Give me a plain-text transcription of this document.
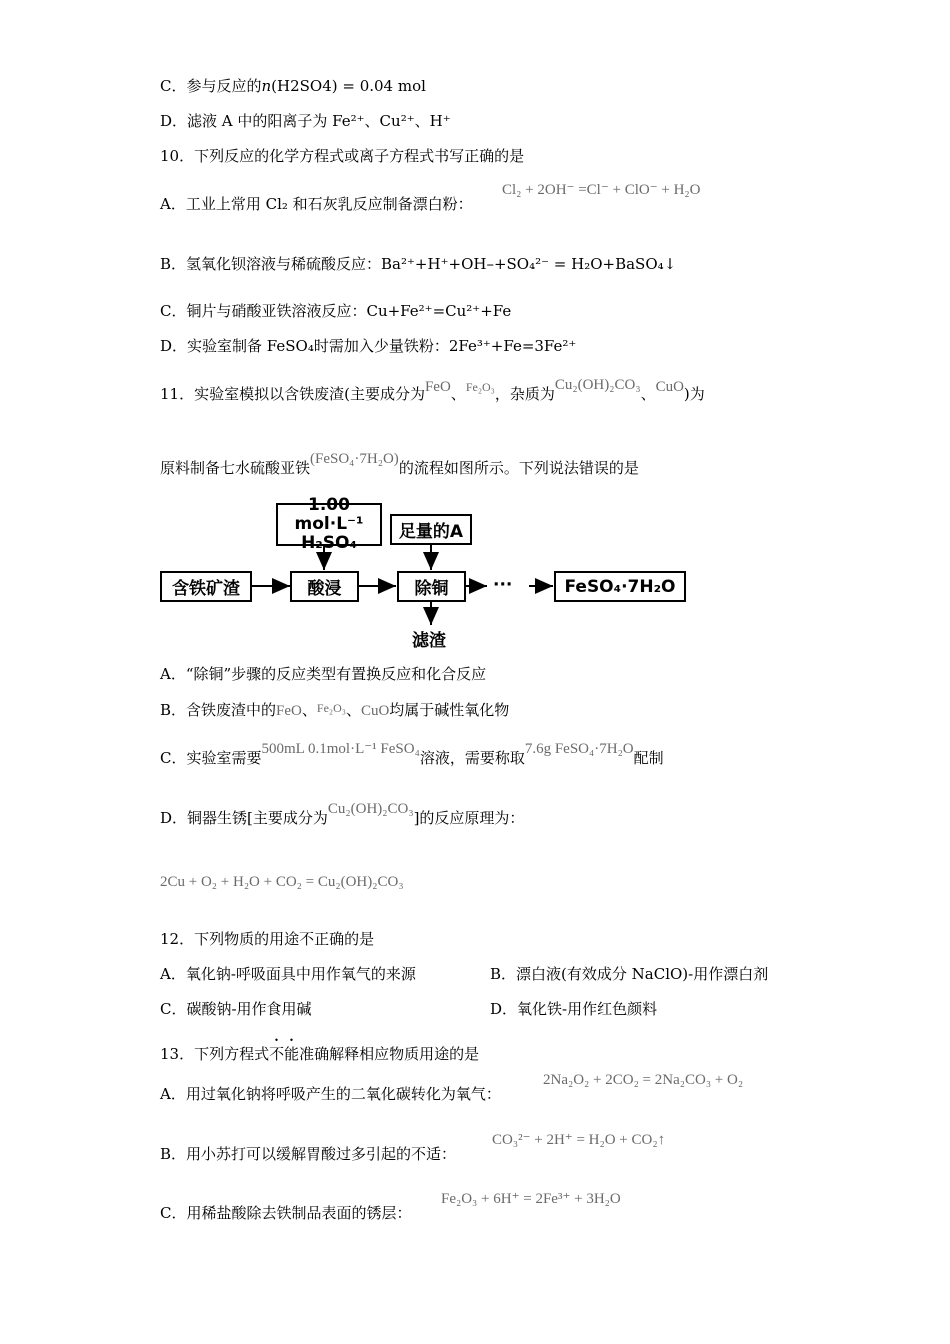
C．参与反应的n(H2SO4) = 0.04 mol
D．滤液 A 中的阳离子为 Fe²⁺、Cu²⁺、H⁺
10．下列反应的化学方程式或离子方程式书写正确的是
A．工业上常用 Cl₂ 和石灰乳反应制备漂白粉：
Cl₂ + 2OH⁻ =Cl⁻ + ClO⁻ + H₂O
B．氢氧化钡溶液与稀硫酸反应：Ba²⁺+H⁺+OH–+SO₄²⁻ = H₂O+BaSO₄↓
C．铜片与硝酸亚铁溶液反应：Cu+Fe²⁺=Cu²⁺+Fe
D．实验室制备 FeSO₄时需加入少量铁粉：2Fe³⁺+Fe=3Fe²⁺
11．实验室模拟以含铁废渣(主要成分为FeO、$^{Fe_2O_3}$，杂质为Cu₂(OH)₂CO₃、CuO)为
原料制备七水硫酸亚铁(FeSO₄·7H₂O)的流程如图所示。下列说法错误的是
1.00 mol·L⁻¹
H₂SO₄
足量的A
含铁矿渣	酸浸	除铜	···	FeSO₄·7H₂O
滤渣
A．“除铜”步骤的反应类型有置换反应和化合反应
B．含铁废渣中的FeO、$^{Fe_2O_3}$、CuO均属于碱性氧化物
C．实验室需要500mL 0.1mol·L⁻¹ FeSO₄溶液，需要称取7.6g FeSO₄·7H₂O配制
D．铜器生锈[主要成分为Cu₂(OH)₂CO₃]的反应原理为：
2Cu + O₂ + H₂O + CO₂ = Cu₂(OH)₂CO₃
12．下列物质的用途不正确的是
A．氧化钠-呼吸面具中用作氧气的来源	B．漂白液(有效成分 NaClO)-用作漂白剂
C．碳酸钠-用作食用碱	D．氧化铁-用作红色颜料
13．下列方程式不能准确解释相应物质用途的是
A．用过氧化钠将呼吸产生的二氧化碳转化为氧气：
2Na₂O₂ + 2CO₂ = 2Na₂CO₃ + O₂
B．用小苏打可以缓解胃酸过多引起的不适：
CO₃²⁻ + 2H⁺ = H₂O + CO₂↑
C．用稀盐酸除去铁制品表面的锈层：
Fe₂O₃ + 6H⁺ = 2Fe³⁺ + 3H₂O
